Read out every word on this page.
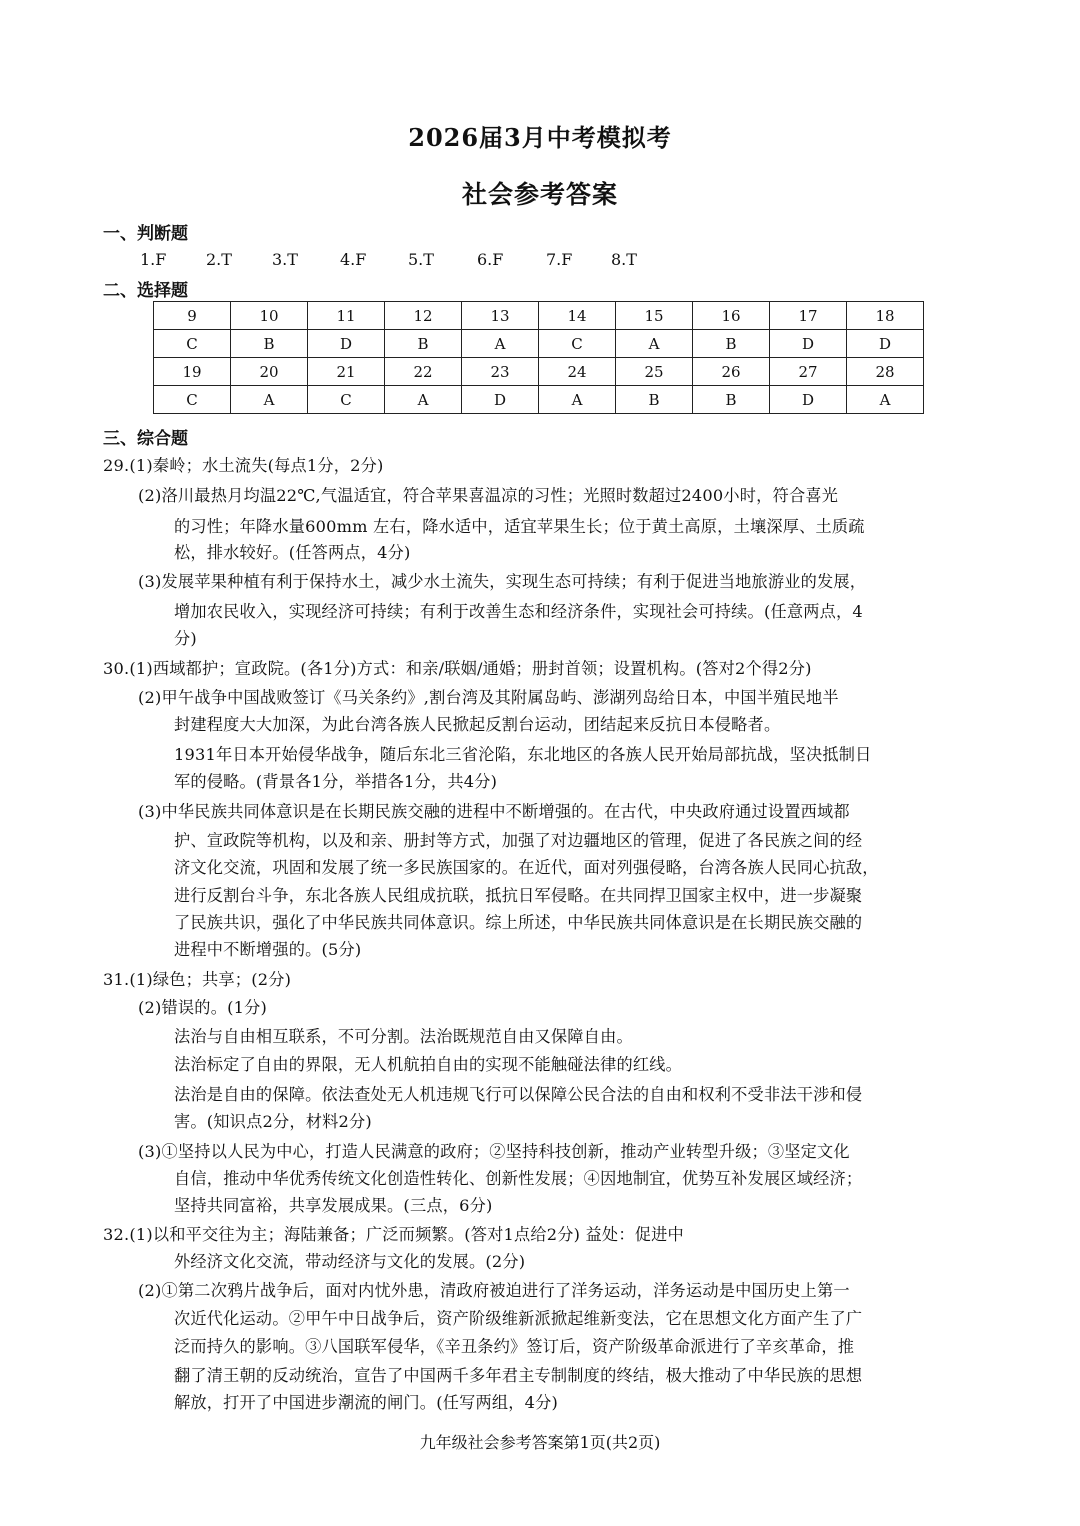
2026届3月中考模拟考
社会参考答案
一、判断题
1.F 2.T	3.T	4.F	5.T	6.F	7.F 8.T
二、选择题
9	10	11	12	13	14	15	16	17	18
C	B	D	B	A	C	A	B	D	D
19	20	21	22	23	24	25	26	27	28
C	A	C	A	D	A	B	B	D	A
三、综合题
29.(1)秦岭；水土流失(每点1分，2分)
(2)洛川最热月均温22℃,气温适宜，符合苹果喜温凉的习性；光照时数超过2400小时，符合喜光
的习性；年降水量600mm 左右，降水适中，适宜苹果生长；位于黄土高原，土壤深厚、土质疏
松，排水较好。(任答两点，4分)
(3)发展苹果种植有利于保持水土，减少水土流失，实现生态可持续；有利于促进当地旅游业的发展，
增加农民收入，实现经济可持续；有利于改善生态和经济条件，实现社会可持续。(任意两点，4
分)
30.(1)西域都护；宣政院。(各1分)方式：和亲/联姻/通婚；册封首领；设置机构。(答对2个得2分)
(2)甲午战争中国战败签订《马关条约》,割台湾及其附属岛屿、澎湖列岛给日本，中国半殖民地半
封建程度大大加深，为此台湾各族人民掀起反割台运动，团结起来反抗日本侵略者。
1931年日本开始侵华战争，随后东北三省沦陷，东北地区的各族人民开始局部抗战，坚决抵制日
军的侵略。(背景各1分，举措各1分，共4分)
(3)中华民族共同体意识是在长期民族交融的进程中不断增强的。在古代，中央政府通过设置西域都
护、宣政院等机构，以及和亲、册封等方式，加强了对边疆地区的管理，促进了各民族之间的经
济文化交流，巩固和发展了统一多民族国家的。在近代，面对列强侵略，台湾各族人民同心抗敌，
进行反割台斗争，东北各族人民组成抗联，抵抗日军侵略。在共同捍卫国家主权中，进一步凝聚
了民族共识，强化了中华民族共同体意识。综上所述，中华民族共同体意识是在长期民族交融的
进程中不断增强的。(5分)
31.(1)绿色；共享；(2分)
(2)错误的。(1分)
法治与自由相互联系，不可分割。法治既规范自由又保障自由。
法治标定了自由的界限，无人机航拍自由的实现不能触碰法律的红线。
法治是自由的保障。依法查处无人机违规飞行可以保障公民合法的自由和权利不受非法干涉和侵
害。(知识点2分，材料2分)
(3)①坚持以人民为中心，打造人民满意的政府；②坚持科技创新，推动产业转型升级；③坚定文化
自信，推动中华优秀传统文化创造性转化、创新性发展；④因地制宜，优势互补发展区域经济；
坚持共同富裕，共享发展成果。(三点，6分)
32.(1)以和平交往为主；海陆兼备；广泛而频繁。(答对1点给2分) 益处：促进中
外经济文化交流，带动经济与文化的发展。(2分)
(2)①第二次鸦片战争后，面对内忧外患，清政府被迫进行了洋务运动，洋务运动是中国历史上第一
次近代化运动。②甲午中日战争后，资产阶级维新派掀起维新变法，它在思想文化方面产生了广
泛而持久的影响。③八国联军侵华，《辛丑条约》签订后，资产阶级革命派进行了辛亥革命，推
翻了清王朝的反动统治，宣告了中国两千多年君主专制制度的终结，极大推动了中华民族的思想
解放，打开了中国进步潮流的闸门。(任写两组，4分)
九年级社会参考答案第1页(共2页)
